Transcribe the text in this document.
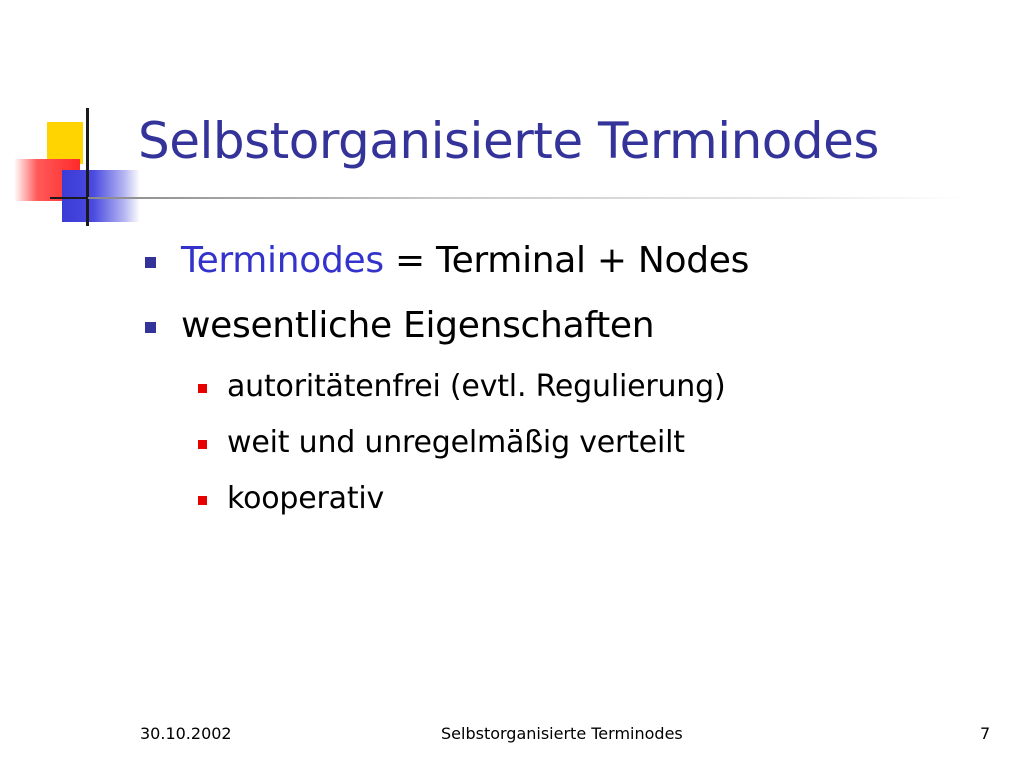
Selbstorganisierte Terminodes
Terminodes = Terminal + Nodes
wesentliche Eigenschaften
autoritätenfrei (evtl. Regulierung)
weit und unregelmäßig verteilt
kooperativ
30.10.2002	Selbstorganisierte Terminodes	7
